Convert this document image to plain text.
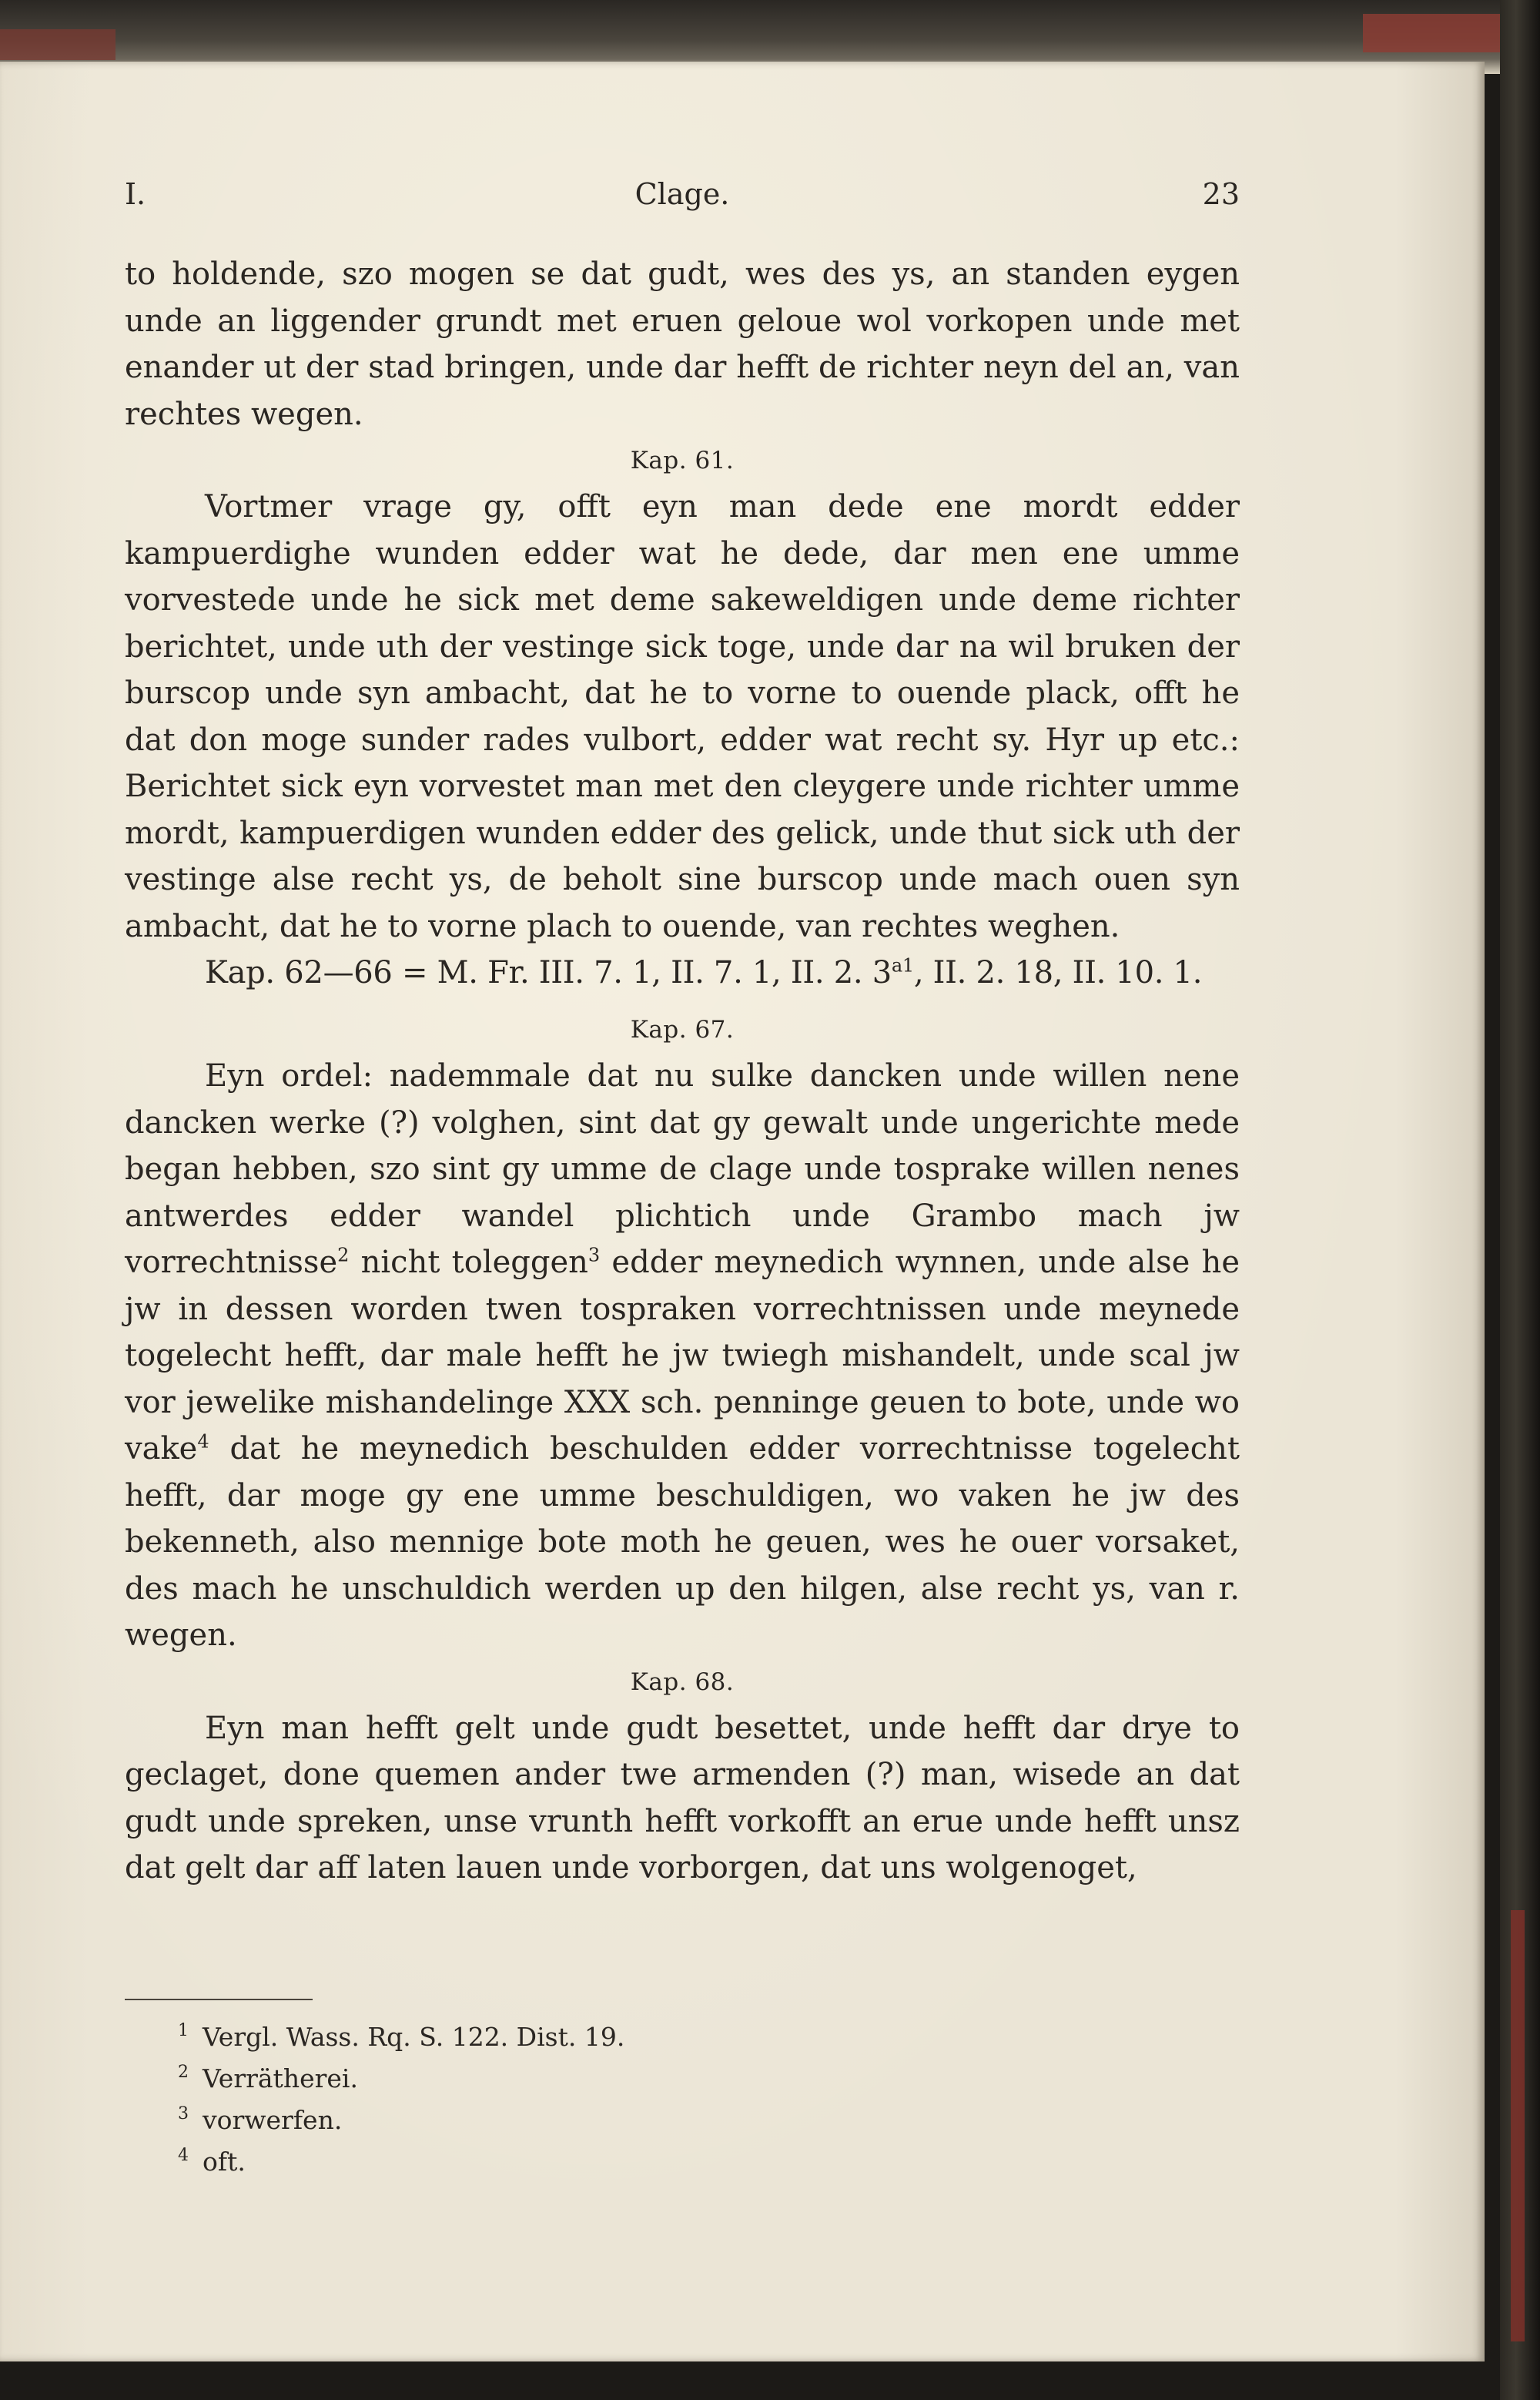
I.	Clage.	23

to holdende, szo mogen se dat gudt, wes des ys, an standen eygen unde an liggender grundt met eruen geloue wol vorkopen unde met enander ut der stad bringen, unde dar hefft de richter neyn del an, van rechtes wegen.

Kap. 61.

Vortmer vrage gy, offt eyn man dede ene mordt edder kampuerdighe wunden edder wat he dede, dar men ene umme vorvestede unde he sick met deme sakeweldigen unde deme richter berichtet, unde uth der vestinge sick toge, unde dar na wil bruken der burscop unde syn ambacht, dat he to vorne to ouende plack, offt he dat don moge sunder rades vulbort, edder wat recht sy. Hyr up etc.: Berichtet sick eyn vorvestet man met den cleygere unde richter umme mordt, kampuerdigen wunden edder des gelick, unde thut sick uth der vestinge alse recht ys, de beholt sine burscop unde mach ouen syn ambacht, dat he to vorne plach to ouende, van rechtes weghen.

Kap. 62—66 = M. Fr. III. 7. 1, II. 7. 1, II. 2. $3^{a1}$, II. 2. 18, II. 10. 1.

Kap. 67.

Eyn ordel: nademmale dat nu sulke dancken unde willen nene dancken werke (?) volghen, sint dat gy gewalt unde ungerichte mede began hebben, szo sint gy umme de clage unde tosprake willen nenes antwerdes edder wandel plichtich unde Grambo mach jw vorrechtnisse$^2$ nicht toleggen$^3$ edder meynedich wynnen, unde alse he jw in dessen worden twen tospraken vorrechtnissen unde meynede togelecht hefft, dar male hefft he jw twiegh mishandelt, unde scal jw vor jewelike mishandelinge XXX sch. penninge geuen to bote, unde wo vake$^4$ dat he meynedich beschulden edder vorrechtnisse togelecht hefft, dar moge gy ene umme beschuldigen, wo vaken he jw des bekenneth, also mennige bote moth he geuen, wes he ouer vorsaket, des mach he unschuldich werden up den hilgen, alse recht ys, van r. wegen.

Kap. 68.

Eyn man hefft gelt unde gudt besettet, unde hefft dar drye to geclaget, done quemen ander twe armenden (?) man, wisede an dat gudt unde spreken, unse vrunth hefft vorkofft an erue unde hefft unsz dat gelt dar aff laten lauen unde vorborgen, dat uns wolgenoget,

1 Vergl. Wass. Rq. S. 122. Dist. 19.
2 Verrätherei.
3 vorwerfen.
4 oft.
